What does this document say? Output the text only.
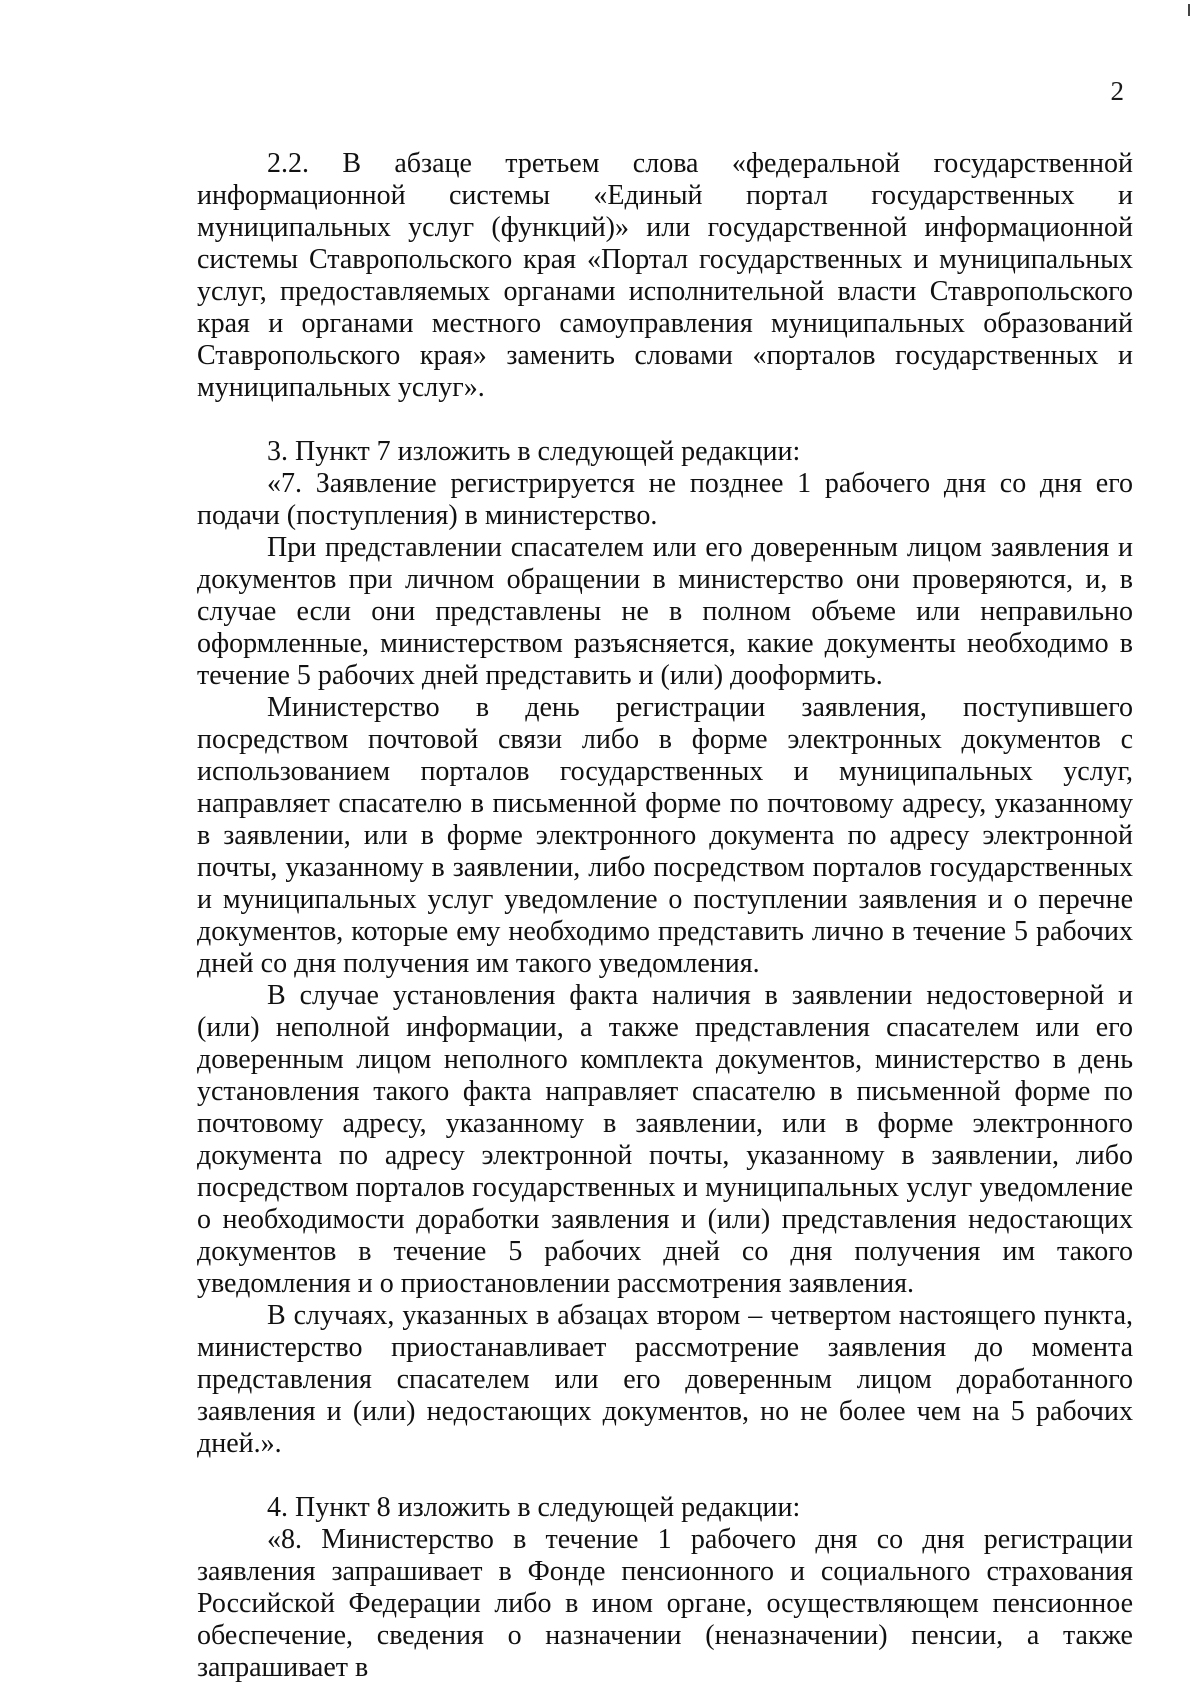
2

2.2. В абзаце третьем слова «федеральной государственной информационной системы «Единый портал государственных и муниципальных услуг (функций)» или государственной информационной системы Ставропольского края «Портал государственных и муниципальных услуг, предоставляемых органами исполнительной власти Ставропольского края и органами местного самоуправления муниципальных образований Ставропольского края» заменить словами «порталов государственных и муниципальных услуг».

3. Пункт 7 изложить в следующей редакции:

«7. Заявление регистрируется не позднее 1 рабочего дня со дня его подачи (поступления) в министерство.

При представлении спасателем или его доверенным лицом заявления и документов при личном обращении в министерство они проверяются, и, в случае если они представлены не в полном объеме или неправильно оформленные, министерством разъясняется, какие документы необходимо в течение 5 рабочих дней представить и (или) дооформить.

Министерство в день регистрации заявления, поступившего посредством почтовой связи либо в форме электронных документов с использованием порталов государственных и муниципальных услуг, направляет спасателю в письменной форме по почтовому адресу, указанному в заявлении, или в форме электронного документа по адресу электронной почты, указанному в заявлении, либо посредством порталов государственных и муниципальных услуг уведомление о поступлении заявления и о перечне документов, которые ему необходимо представить лично в течение 5 рабочих дней со дня получения им такого уведомления.

В случае установления факта наличия в заявлении недостоверной и (или) неполной информации, а также представления спасателем или его доверенным лицом неполного комплекта документов, министерство в день установления такого факта направляет спасателю в письменной форме по почтовому адресу, указанному в заявлении, или в форме электронного документа по адресу электронной почты, указанному в заявлении, либо посредством порталов государственных и муниципальных услуг уведомление о необходимости доработки заявления и (или) представления недостающих документов в течение 5 рабочих дней со дня получения им такого уведомления и о приостановлении рассмотрения заявления.

В случаях, указанных в абзацах втором – четвертом настоящего пункта, министерство приостанавливает рассмотрение заявления до момента представления спасателем или его доверенным лицом доработанного заявления и (или) недостающих документов, но не более чем на 5 рабочих дней.».

4. Пункт 8 изложить в следующей редакции:

«8. Министерство в течение 1 рабочего дня со дня регистрации заявления запрашивает в Фонде пенсионного и социального страхования Российской Федерации либо в ином органе, осуществляющем пенсионное обеспечение, сведения о назначении (неназначении) пенсии, а также запрашивает в
